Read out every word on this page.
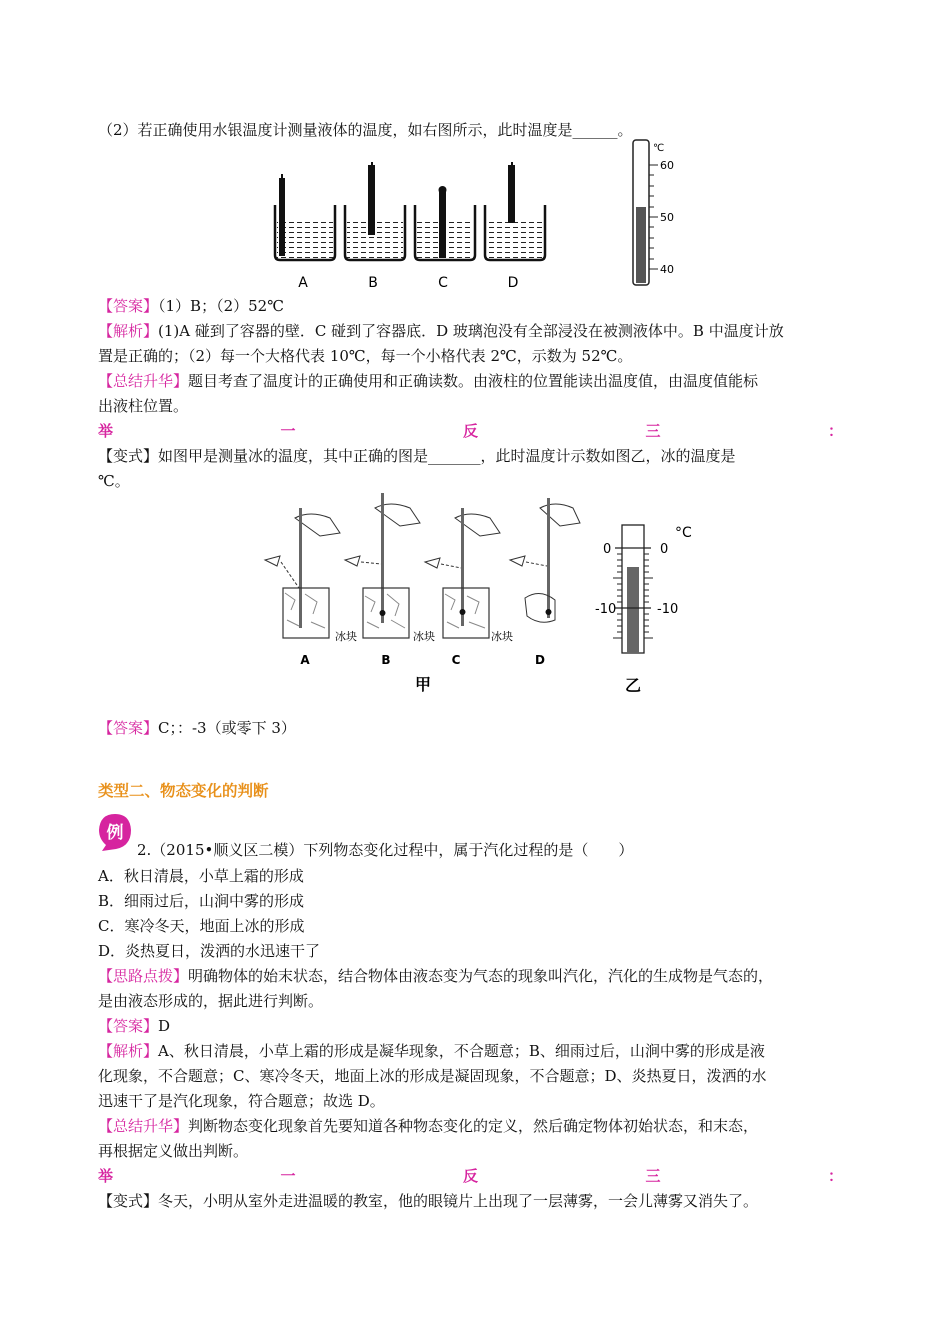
（2）若正确使用水银温度计测量液体的温度，如右图所示，此时温度是______。
A	B	C	D
℃
60
50
40
【答案】（1）B；（2）52℃
【解析】(1)A 碰到了容器的壁．C 碰到了容器底．D 玻璃泡没有全部浸没在被测液体中。B 中温度计放
置是正确的；（2）每一个大格代表 10℃，每一个小格代表 2℃，示数为 52℃。
【总结升华】题目考查了温度计的正确使用和正确读数。由液柱的位置能读出温度值，由温度值能标
出液柱位置。
举	一	反	三	：
【变式】如图甲是测量冰的温度，其中正确的图是_______，此时温度计示数如图乙，冰的温度是
℃。
冰块	冰块	冰块
A	B	C	D
甲
°C
0
-10
0
-10
乙
【答案】C；：-3（或零下 3）
类型二、物态变化的判断
例
2.（2015•顺义区二模）下列物态变化过程中，属于汽化过程的是（　　）
A．秋日清晨，小草上霜的形成
B．细雨过后，山涧中雾的形成
C．寒冷冬天，地面上冰的形成
D．炎热夏日，泼洒的水迅速干了
【思路点拨】明确物体的始末状态，结合物体由液态变为气态的现象叫汽化，汽化的生成物是气态的，
是由液态形成的，据此进行判断。
【答案】D
【解析】A、秋日清晨，小草上霜的形成是凝华现象，不合题意；B、细雨过后，山涧中雾的形成是液
化现象，不合题意；C、寒冷冬天，地面上冰的形成是凝固现象，不合题意；D、炎热夏日，泼洒的水
迅速干了是汽化现象，符合题意；故选 D。
【总结升华】判断物态变化现象首先要知道各种物态变化的定义，然后确定物体初始状态，和末态，
再根据定义做出判断。
举	一	反	三	：
【变式】冬天，小明从室外走进温暖的教室，他的眼镜片上出现了一层薄雾，一会儿薄雾又消失了。
